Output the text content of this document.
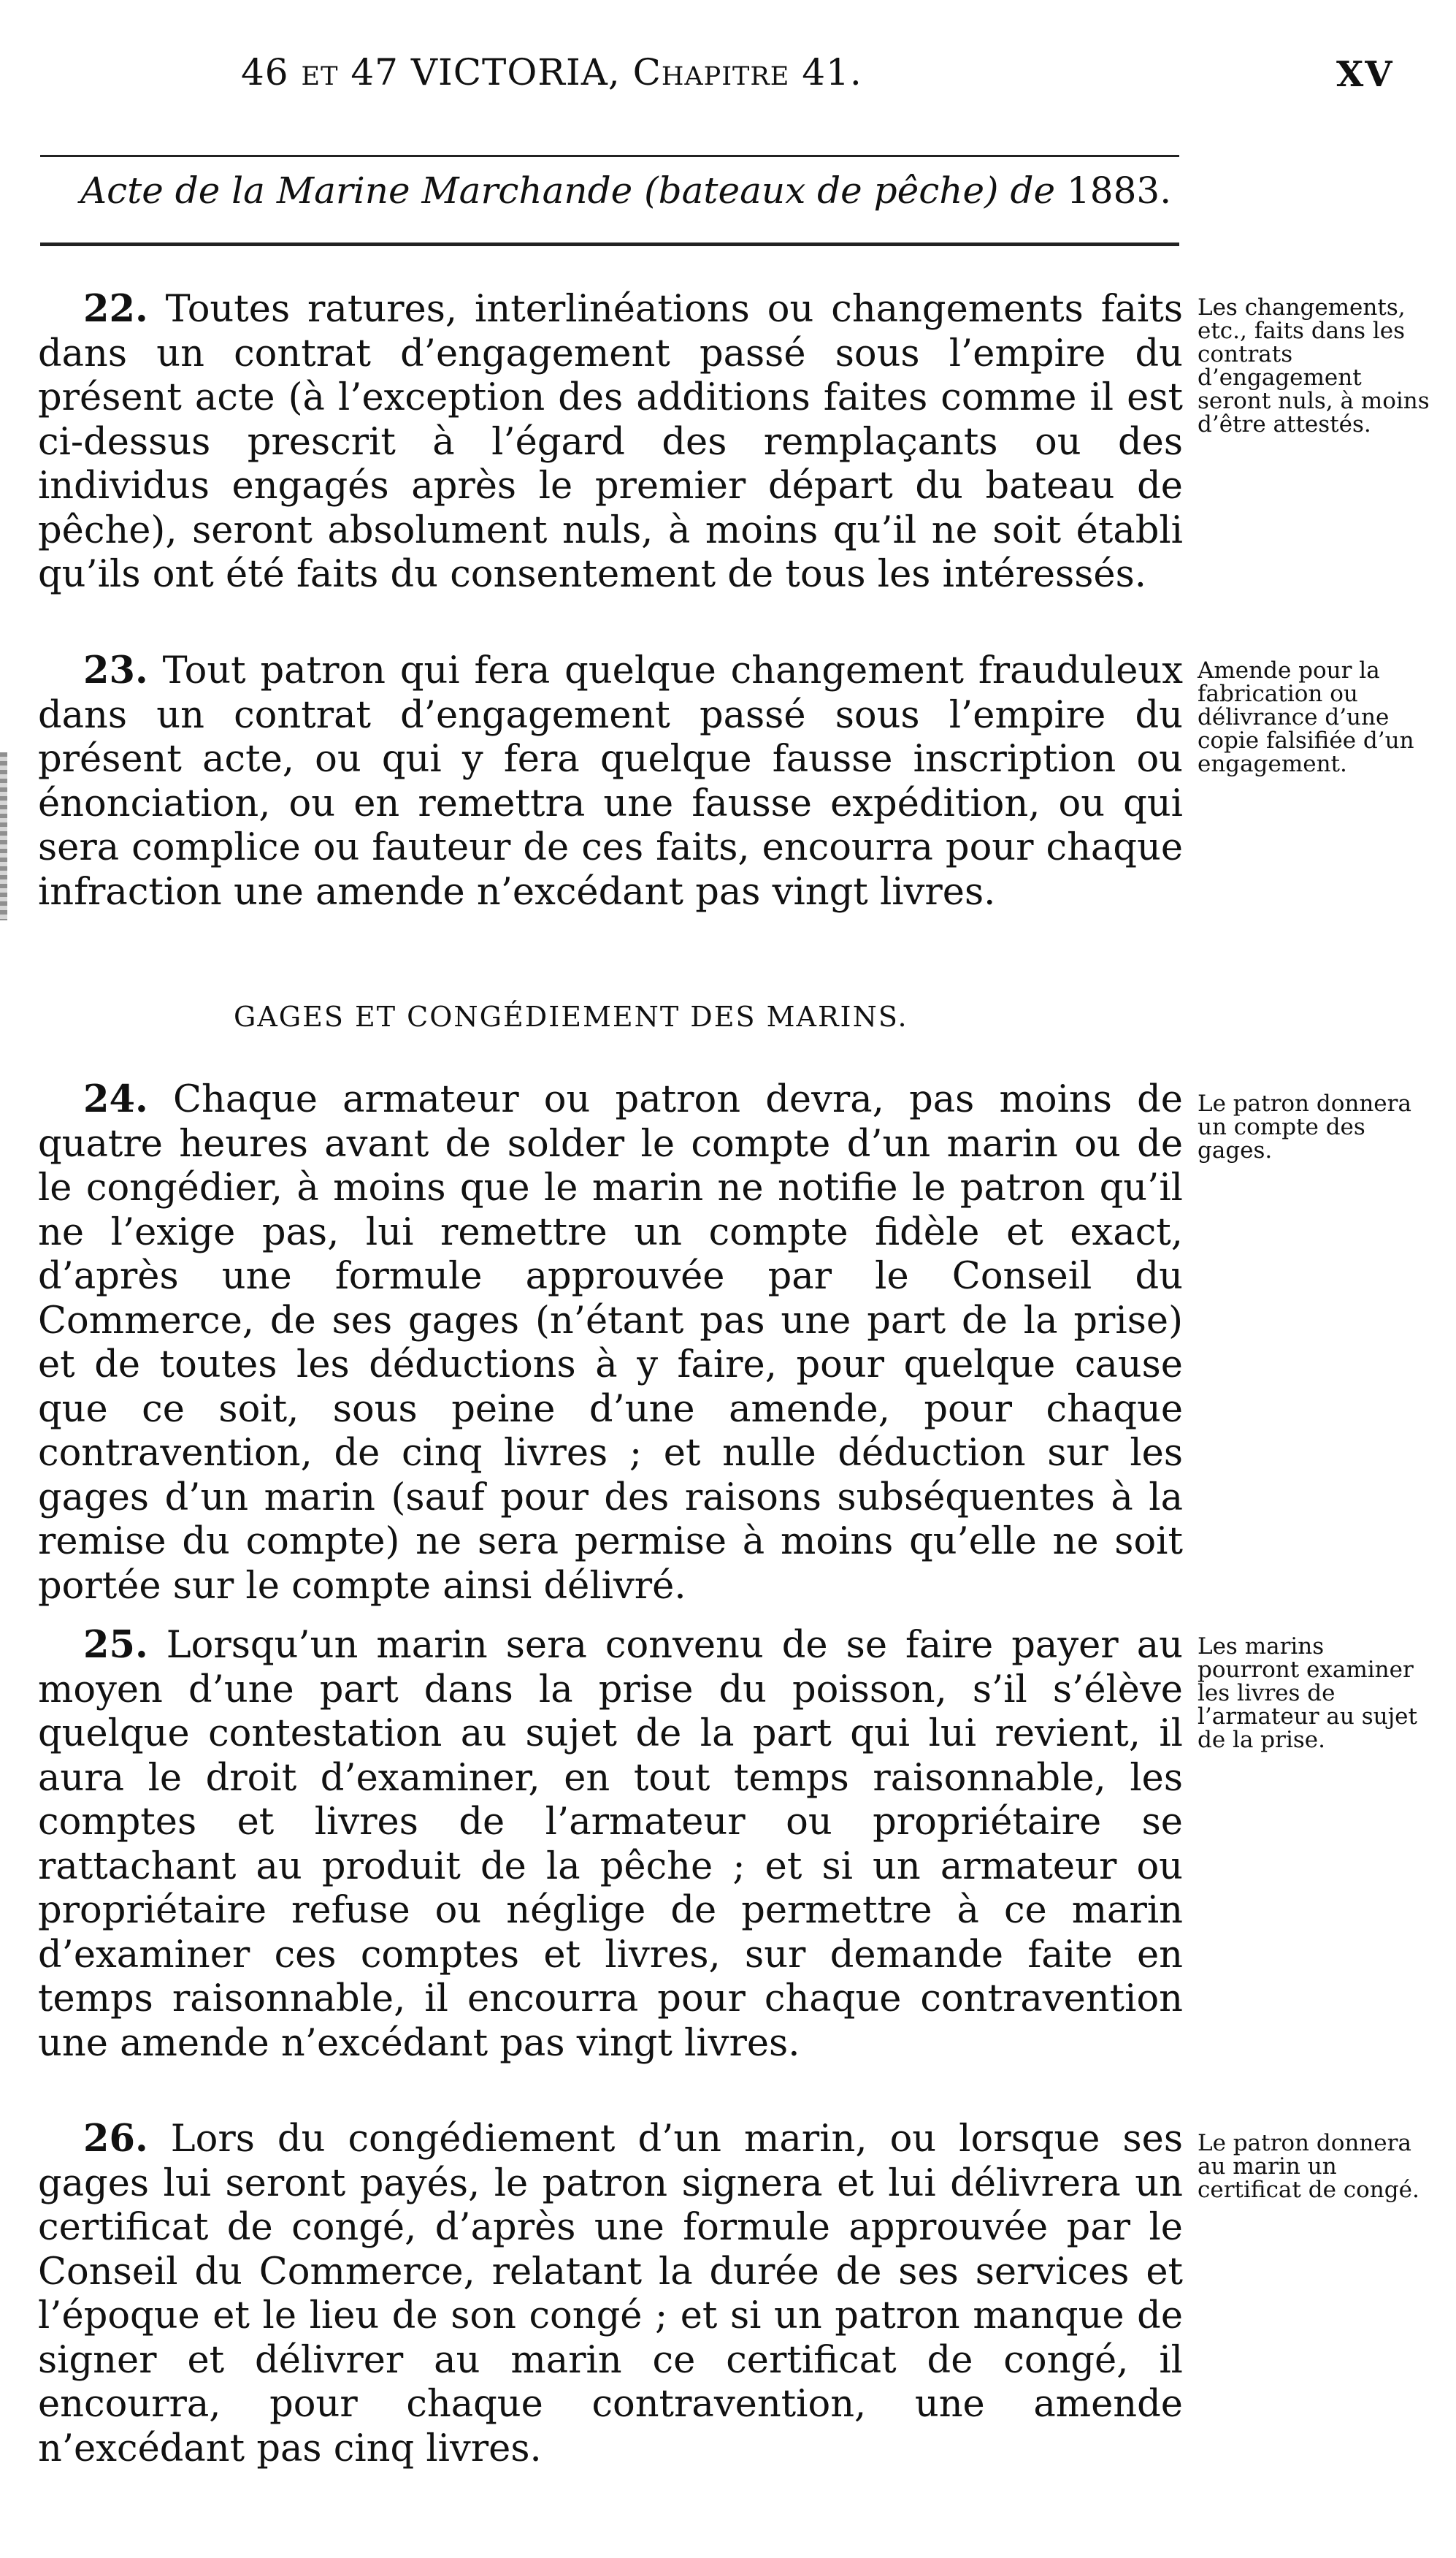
46 et 47 VICTORIA, Chapitre 41.	XV
Acte de la Marine Marchande (bateaux de pêche) de 1883.

22. Toutes ratures, interlinéations ou changements faits dans un contrat d’engagement passé sous l’empire du présent acte (à l’exception des additions faites comme il est ci-dessus prescrit à l’égard des remplaçants ou des individus engagés après le premier départ du bateau de pêche), seront absolument nuls, à moins qu’il ne soit établi qu’ils ont été faits du consentement de tous les intéressés.

Les changements, etc., faits dans les contrats d’engagement seront nuls, à moins d’être attestés.

23. Tout patron qui fera quelque changement frauduleux dans un contrat d’engagement passé sous l’empire du présent acte, ou qui y fera quelque fausse inscription ou énonciation, ou en remettra une fausse expédition, ou qui sera complice ou fauteur de ces faits, encourra pour chaque infraction une amende n’excédant pas vingt livres.

Amende pour la fabrication ou délivrance d’une copie falsifiée d’un engagement.

GAGES ET CONGÉDIEMENT DES MARINS.

24. Chaque armateur ou patron devra, pas moins de quatre heures avant de solder le compte d’un marin ou de le congédier, à moins que le marin ne notifie le patron qu’il ne l’exige pas, lui remettre un compte fidèle et exact, d’après une formule approuvée par le Conseil du Commerce, de ses gages (n’étant pas une part de la prise) et de toutes les déductions à y faire, pour quelque cause que ce soit, sous peine d’une amende, pour chaque contravention, de cinq livres ; et nulle déduction sur les gages d’un marin (sauf pour des raisons subséquentes à la remise du compte) ne sera permise à moins qu’elle ne soit portée sur le compte ainsi délivré.

Le patron donnera un compte des gages.

25. Lorsqu’un marin sera convenu de se faire payer au moyen d’une part dans la prise du poisson, s’il s’élève quelque contestation au sujet de la part qui lui revient, il aura le droit d’examiner, en tout temps raisonnable, les comptes et livres de l’armateur ou propriétaire se rattachant au produit de la pêche ; et si un armateur ou propriétaire refuse ou néglige de permettre à ce marin d’examiner ces comptes et livres, sur demande faite en temps raisonnable, il encourra pour chaque contravention une amende n’excédant pas vingt livres.

Les marins pourront examiner les livres de l’armateur au sujet de la prise.

26. Lors du congédiement d’un marin, ou lorsque ses gages lui seront payés, le patron signera et lui délivrera un certificat de congé, d’après une formule approuvée par le Conseil du Commerce, relatant la durée de ses services et l’époque et le lieu de son congé ; et si un patron manque de signer et délivrer au marin ce certificat de congé, il encourra, pour chaque contravention, une amende n’excédant pas cinq livres.

Le patron donnera au marin un certificat de congé.
